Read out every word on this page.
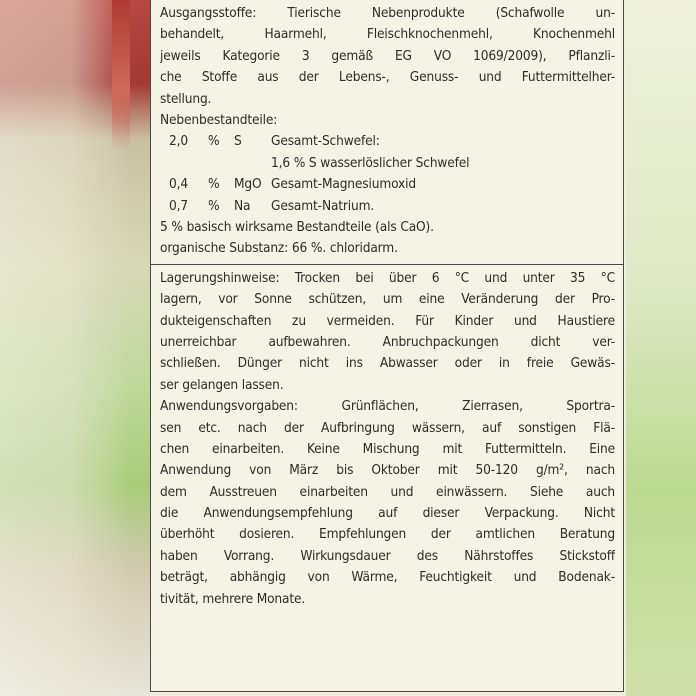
Ausgangsstoffe: Tierische Nebenprodukte (Schafwolle un-
behandelt, Haarmehl, Fleischknochenmehl, Knochenmehl
jeweils Kategorie 3 gemäß EG VO 1069/2009), Pflanzli-
che Stoffe aus der Lebens-, Genuss- und Futtermittelher-
stellung.
Nebenbestandteile:
2,0 % S Gesamt-Schwefel:
1,6 % S wasserlöslicher Schwefel
0,4 % MgO Gesamt-Magnesiumoxid
0,7 % Na Gesamt-Natrium.
5 % basisch wirksame Bestandteile (als CaO).
organische Substanz: 66 %. chloridarm.
Lagerungshinweise: Trocken bei über 6 °C und unter 35 °C
lagern, vor Sonne schützen, um eine Veränderung der Pro-
dukteigenschaften zu vermeiden. Für Kinder und Haustiere
unerreichbar aufbewahren. Anbruchpackungen dicht ver-
schließen. Dünger nicht ins Abwasser oder in freie Gewäs-
ser gelangen lassen.
Anwendungsvorgaben: Grünflächen, Zierrasen, Sportra-
sen etc. nach der Aufbringung wässern, auf sonstigen Flä-
chen einarbeiten. Keine Mischung mit Futtermitteln. Eine
Anwendung von März bis Oktober mit 50-120 g/m², nach
dem Ausstreuen einarbeiten und einwässern. Siehe auch
die Anwendungsempfehlung auf dieser Verpackung. Nicht
überhöht dosieren. Empfehlungen der amtlichen Beratung
haben Vorrang. Wirkungsdauer des Nährstoffes Stickstoff
beträgt, abhängig von Wärme, Feuchtigkeit und Bodenak-
tivität, mehrere Monate.
